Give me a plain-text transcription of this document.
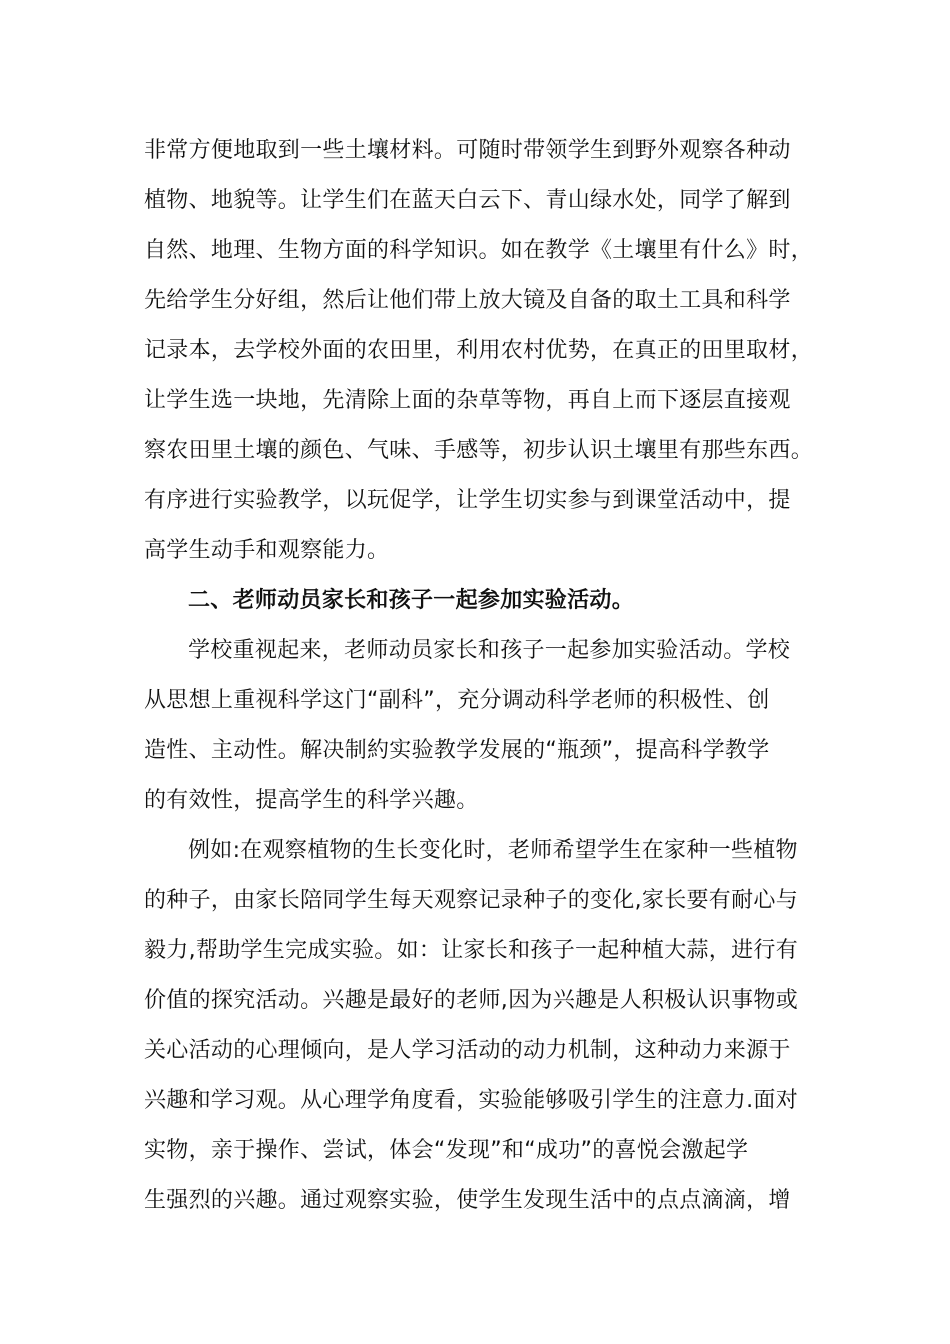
非常方便地取到一些土壤材料。可随时带领学生到野外观察各种动
植物、地貌等。让学生们在蓝天白云下、青山绿水处，同学了解到
自然、地理、生物方面的科学知识。如在教学《土壤里有什么》时，
先给学生分好组，然后让他们带上放大镜及自备的取土工具和科学
记录本，去学校外面的农田里，利用农村优势，在真正的田里取材，
让学生选一块地，先清除上面的杂草等物，再自上而下逐层直接观
察农田里土壤的颜色、气味、手感等，初步认识土壤里有那些东西。
有序进行实验教学，以玩促学，让学生切实参与到课堂活动中，提
高学生动手和观察能力。
二、老师动员家长和孩子一起参加实验活动。
学校重视起来，老师动员家长和孩子一起参加实验活动。学校
从思想上重视科学这门“副科”，充分调动科学老师的积极性、创
造性、主动性。解决制約实验教学发展的“瓶颈”，提高科学教学
的有效性，提高学生的科学兴趣。
例如:在观察植物的生长变化时，老师希望学生在家种一些植物
的种子，由家长陪同学生每天观察记录种子的变化,家长要有耐心与
毅力,帮助学生完成实验。如：让家长和孩子一起种植大蒜，进行有
价值的探究活动。兴趣是最好的老师,因为兴趣是人积极认识事物或
关心活动的心理倾向，是人学习活动的动力机制，这种动力来源于
兴趣和学习观。从心理学角度看，实验能够吸引学生的注意力.面对
实物，亲于操作、尝试，体会“发现”和“成功”的喜悦会激起学
生强烈的兴趣。通过观察实验，使学生发现生活中的点点滴滴，增
